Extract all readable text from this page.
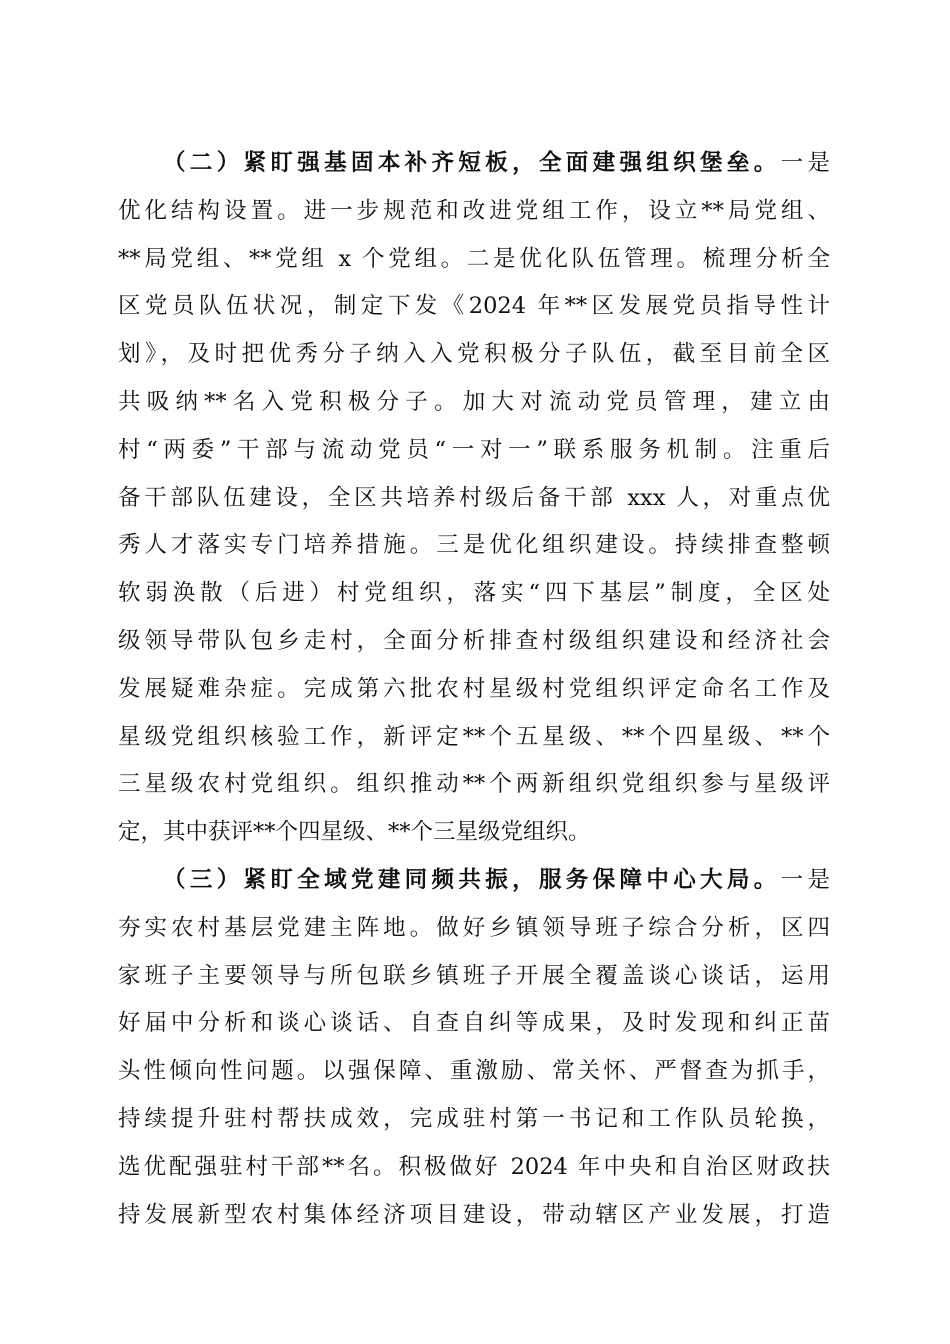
（二）紧盯强基固本补齐短板，全面建强组织堡垒。一是
优化结构设置。进一步规范和改进党组工作，设立**局党组、
**局党组、**党组 x 个党组。二是优化队伍管理。梳理分析全
区党员队伍状况，制定下发《2024 年**区发展党员指导性计
划》，及时把优秀分子纳入入党积极分子队伍，截至目前全区
共吸纳**名入党积极分子。加大对流动党员管理，建立由
村“两委”干部与流动党员“一对一”联系服务机制。注重后
备干部队伍建设，全区共培养村级后备干部 xxx 人，对重点优
秀人才落实专门培养措施。三是优化组织建设。持续排查整顿
软弱涣散（后进）村党组织，落实“四下基层”制度，全区处
级领导带队包乡走村，全面分析排查村级组织建设和经济社会
发展疑难杂症。完成第六批农村星级村党组织评定命名工作及
星级党组织核验工作，新评定**个五星级、**个四星级、**个
三星级农村党组织。组织推动**个两新组织党组织参与星级评
定，其中获评**个四星级、**个三星级党组织。
（三）紧盯全域党建同频共振，服务保障中心大局。一是
夯实农村基层党建主阵地。做好乡镇领导班子综合分析，区四
家班子主要领导与所包联乡镇班子开展全覆盖谈心谈话，运用
好届中分析和谈心谈话、自查自纠等成果，及时发现和纠正苗
头性倾向性问题。以强保障、重激励、常关怀、严督查为抓手，
持续提升驻村帮扶成效，完成驻村第一书记和工作队员轮换，
选优配强驻村干部**名。积极做好 2024 年中央和自治区财政扶
持发展新型农村集体经济项目建设，带动辖区产业发展，打造
